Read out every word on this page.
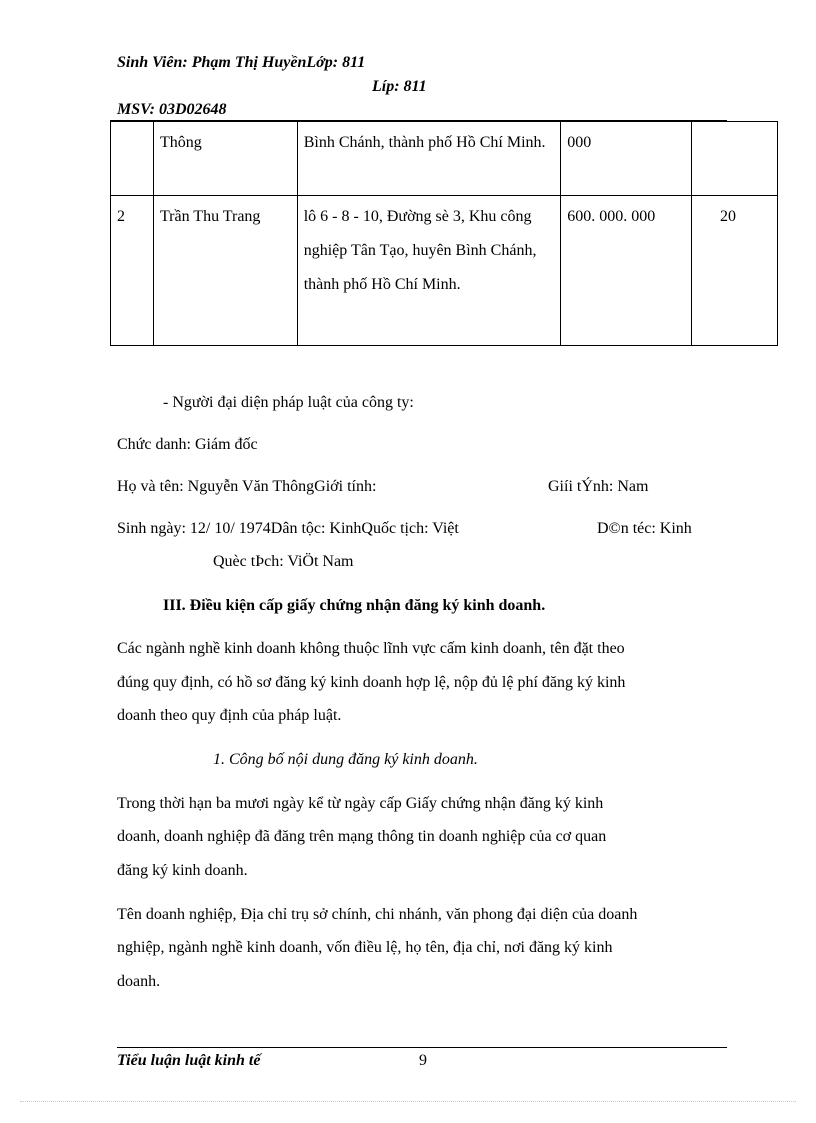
Sinh Viên: Phạm Thị HuyềnLớp: 811
Líp: 811
MSV: 03D02648
	Thông	Bình Chánh, thành phố Hồ Chí Minh.	000	
2	Trần Thu Trang	lô 6 - 8 - 10, Đường sè 3, Khu công nghiệp Tân Tạo, huyên Bình Chánh, thành phố Hồ Chí Minh.	600. 000. 000	20
- Người đại diện pháp luật của công ty:
Chức danh: Giám đốc
Họ và tên: Nguyễn Văn ThôngGiới tính:	Giíi tÝnh: Nam
Sinh ngày: 12/ 10/ 1974Dân tộc: KinhQuốc tịch: Việt	D©n téc: Kinh
Quèc tÞch: ViÖt Nam
III. Điều kiện cấp giấy chứng nhận đăng ký kinh doanh.
Các ngành nghề kinh doanh không thuộc lĩnh vực cấm kinh doanh, tên đặt theo
đúng quy định, có hồ sơ đăng ký kinh doanh hợp lệ, nộp đủ lệ phí đăng ký kinh
doanh theo quy định của pháp luật.
1. Công bố nội dung đăng ký kinh doanh.
Trong thời hạn ba mươi ngày kể từ ngày cấp Giấy chứng nhận đăng ký kinh
doanh, doanh nghiệp đã đăng trên mạng thông tin doanh nghiệp của cơ quan
đăng ký kinh doanh.
Tên doanh nghiệp, Địa chỉ trụ sở chính, chi nhánh, văn phong đại diện của doanh
nghiệp, ngành nghề kinh doanh, vốn điều lệ, họ tên, địa chỉ, nơi đăng ký kinh
doanh.
Tiểu luận luật kinh tế	9
